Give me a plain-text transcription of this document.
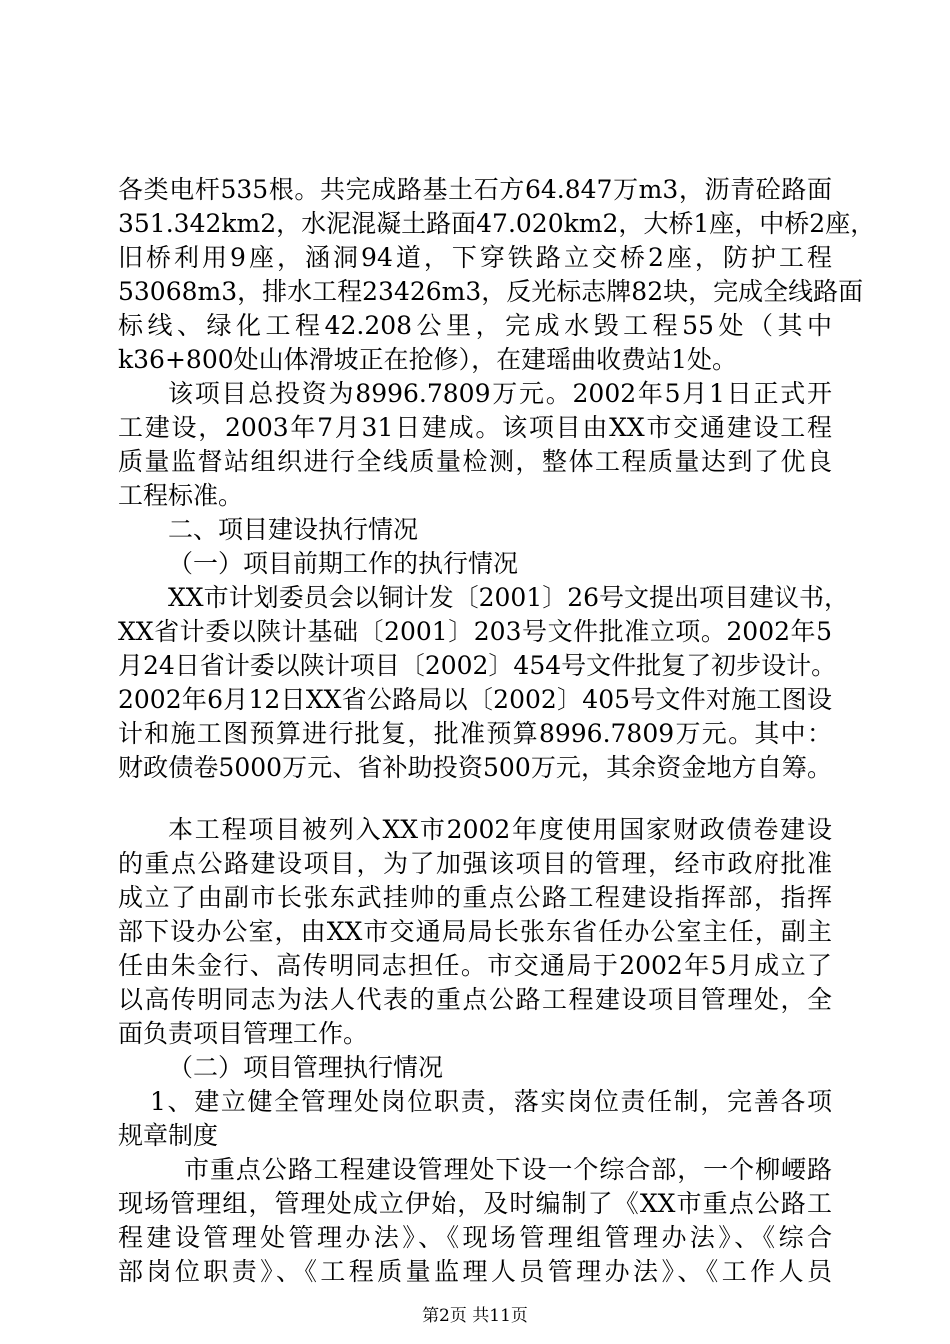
各类电杆535根。共完成路基土石方64.847万m3，沥青砼路面
351.342km2，水泥混凝土路面47.020km2，大桥1座，中桥2座，
旧桥利用9座，涵洞94道，下穿铁路立交桥2座，防护工程
53068m3，排水工程23426m3，反光标志牌82块，完成全线路面
标线、绿化工程42.208公里，完成水毁工程55处（其中
k36+800处山体滑坡正在抢修），在建瑶曲收费站1处。
该项目总投资为8996.7809万元。2002年5月1日正式开
工建设，2003年7月31日建成。该项目由XX市交通建设工程
质量监督站组织进行全线质量检测，整体工程质量达到了优良
工程标准。
二、项目建设执行情况
（一）项目前期工作的执行情况
XX市计划委员会以铜计发〔2001〕26号文提出项目建议书，
XX省计委以陕计基础〔2001〕203号文件批准立项。2002年5
月24日省计委以陕计项目〔2002〕454号文件批复了初步设计。
2002年6月12日XX省公路局以〔2002〕405号文件对施工图设
计和施工图预算进行批复，批准预算8996.7809万元。其中：
财政债卷5000万元、省补助投资500万元，其余资金地方自筹。
本工程项目被列入XX市2002年度使用国家财政债卷建设
的重点公路建设项目，为了加强该项目的管理，经市政府批准
成立了由副市长张东武挂帅的重点公路工程建设指挥部，指挥
部下设办公室，由XX市交通局局长张东省任办公室主任，副主
任由朱金行、高传明同志担任。市交通局于2002年5月成立了
以高传明同志为法人代表的重点公路工程建设项目管理处，全
面负责项目管理工作。
（二）项目管理执行情况
1、建立健全管理处岗位职责，落实岗位责任制，完善各项
规章制度
市重点公路工程建设管理处下设一个综合部，一个柳崾路
现场管理组，管理处成立伊始，及时编制了《XX市重点公路工
第2页 共11页
程建设管理处管理办法》、《现场管理组管理办法》、《综合
部岗位职责》、《工程质量监理人员管理办法》、《工作人员
